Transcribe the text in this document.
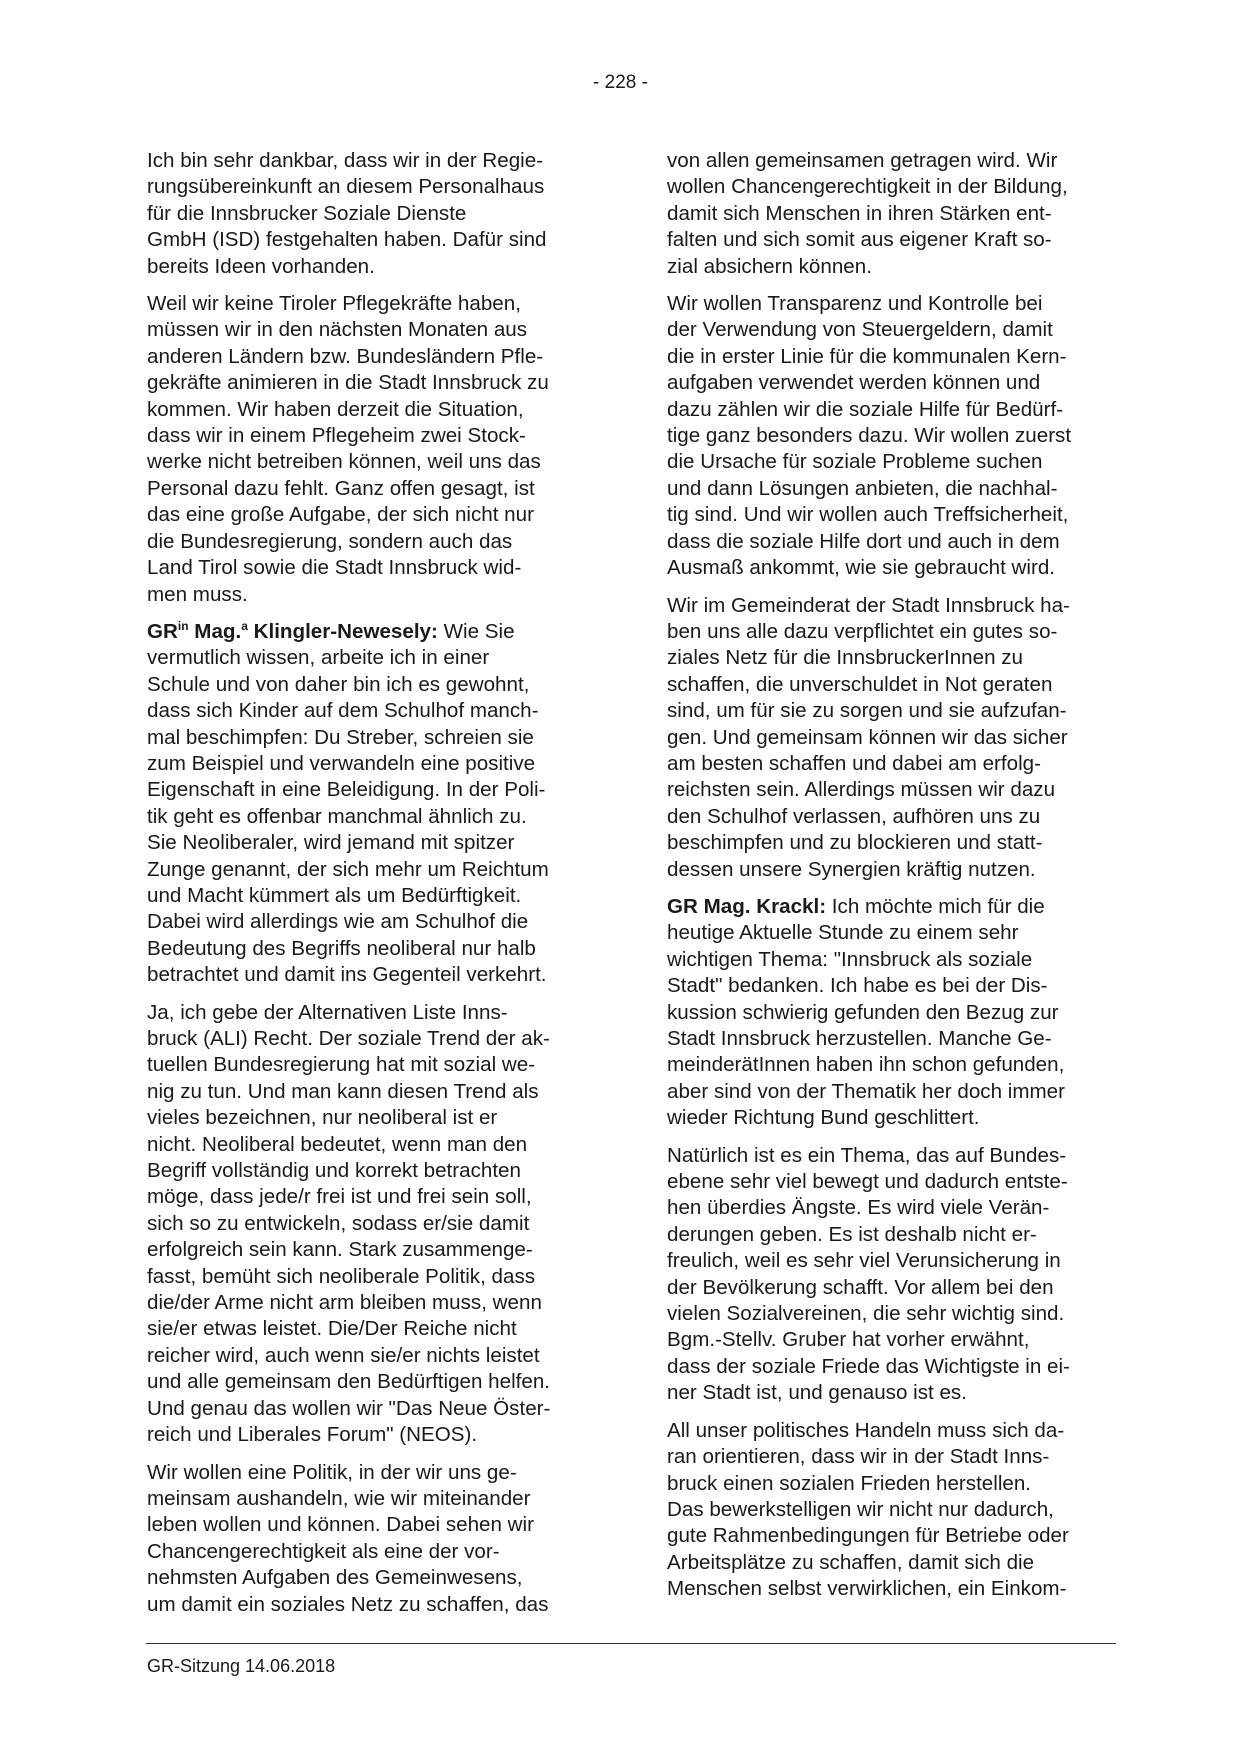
- 228 -

Ich bin sehr dankbar, dass wir in der Regie-
rungsübereinkunft an diesem Personalhaus
für die Innsbrucker Soziale Dienste
GmbH (ISD) festgehalten haben. Dafür sind
bereits Ideen vorhanden.

Weil wir keine Tiroler Pflegekräfte haben,
müssen wir in den nächsten Monaten aus
anderen Ländern bzw. Bundesländern Pfle-
gekräfte animieren in die Stadt Innsbruck zu
kommen. Wir haben derzeit die Situation,
dass wir in einem Pflegeheim zwei Stock-
werke nicht betreiben können, weil uns das
Personal dazu fehlt. Ganz offen gesagt, ist
das eine große Aufgabe, der sich nicht nur
die Bundesregierung, sondern auch das
Land Tirol sowie die Stadt Innsbruck wid-
men muss.

$GR^{in}$ Mag.$^a$ Klingler-Newesely: Wie Sie
vermutlich wissen, arbeite ich in einer
Schule und von daher bin ich es gewohnt,
dass sich Kinder auf dem Schulhof manch-
mal beschimpfen: Du Streber, schreien sie
zum Beispiel und verwandeln eine positive
Eigenschaft in eine Beleidigung. In der Poli-
tik geht es offenbar manchmal ähnlich zu.
Sie Neoliberaler, wird jemand mit spitzer
Zunge genannt, der sich mehr um Reichtum
und Macht kümmert als um Bedürftigkeit.
Dabei wird allerdings wie am Schulhof die
Bedeutung des Begriffs neoliberal nur halb
betrachtet und damit ins Gegenteil verkehrt.

Ja, ich gebe der Alternativen Liste Inns-
bruck (ALI) Recht. Der soziale Trend der ak-
tuellen Bundesregierung hat mit sozial we-
nig zu tun. Und man kann diesen Trend als
vieles bezeichnen, nur neoliberal ist er
nicht. Neoliberal bedeutet, wenn man den
Begriff vollständig und korrekt betrachten
möge, dass jede/r frei ist und frei sein soll,
sich so zu entwickeln, sodass er/sie damit
erfolgreich sein kann. Stark zusammenge-
fasst, bemüht sich neoliberale Politik, dass
die/der Arme nicht arm bleiben muss, wenn
sie/er etwas leistet. Die/Der Reiche nicht
reicher wird, auch wenn sie/er nichts leistet
und alle gemeinsam den Bedürftigen helfen.
Und genau das wollen wir "Das Neue Öster-
reich und Liberales Forum" (NEOS).

Wir wollen eine Politik, in der wir uns ge-
meinsam aushandeln, wie wir miteinander
leben wollen und können. Dabei sehen wir
Chancengerechtigkeit als eine der vor-
nehmsten Aufgaben des Gemeinwesens,
um damit ein soziales Netz zu schaffen, das

von allen gemeinsamen getragen wird. Wir
wollen Chancengerechtigkeit in der Bildung,
damit sich Menschen in ihren Stärken ent-
falten und sich somit aus eigener Kraft so-
zial absichern können.

Wir wollen Transparenz und Kontrolle bei
der Verwendung von Steuergeldern, damit
die in erster Linie für die kommunalen Kern-
aufgaben verwendet werden können und
dazu zählen wir die soziale Hilfe für Bedürf-
tige ganz besonders dazu. Wir wollen zuerst
die Ursache für soziale Probleme suchen
und dann Lösungen anbieten, die nachhal-
tig sind. Und wir wollen auch Treffsicherheit,
dass die soziale Hilfe dort und auch in dem
Ausmaß ankommt, wie sie gebraucht wird.

Wir im Gemeinderat der Stadt Innsbruck ha-
ben uns alle dazu verpflichtet ein gutes so-
ziales Netz für die InnsbruckerInnen zu
schaffen, die unverschuldet in Not geraten
sind, um für sie zu sorgen und sie aufzufan-
gen. Und gemeinsam können wir das sicher
am besten schaffen und dabei am erfolg-
reichsten sein. Allerdings müssen wir dazu
den Schulhof verlassen, aufhören uns zu
beschimpfen und zu blockieren und statt-
dessen unsere Synergien kräftig nutzen.

GR Mag. Krackl: Ich möchte mich für die
heutige Aktuelle Stunde zu einem sehr
wichtigen Thema: "Innsbruck als soziale
Stadt" bedanken. Ich habe es bei der Dis-
kussion schwierig gefunden den Bezug zur
Stadt Innsbruck herzustellen. Manche Ge-
meinderätInnen haben ihn schon gefunden,
aber sind von der Thematik her doch immer
wieder Richtung Bund geschlittert.

Natürlich ist es ein Thema, das auf Bundes-
ebene sehr viel bewegt und dadurch entste-
hen überdies Ängste. Es wird viele Verän-
derungen geben. Es ist deshalb nicht er-
freulich, weil es sehr viel Verunsicherung in
der Bevölkerung schafft. Vor allem bei den
vielen Sozialvereinen, die sehr wichtig sind.
Bgm.-Stellv. Gruber hat vorher erwähnt,
dass der soziale Friede das Wichtigste in ei-
ner Stadt ist, und genauso ist es.

All unser politisches Handeln muss sich da-
ran orientieren, dass wir in der Stadt Inns-
bruck einen sozialen Frieden herstellen.
Das bewerkstelligen wir nicht nur dadurch,
gute Rahmenbedingungen für Betriebe oder
Arbeitsplätze zu schaffen, damit sich die
Menschen selbst verwirklichen, ein Einkom-

GR-Sitzung 14.06.2018
